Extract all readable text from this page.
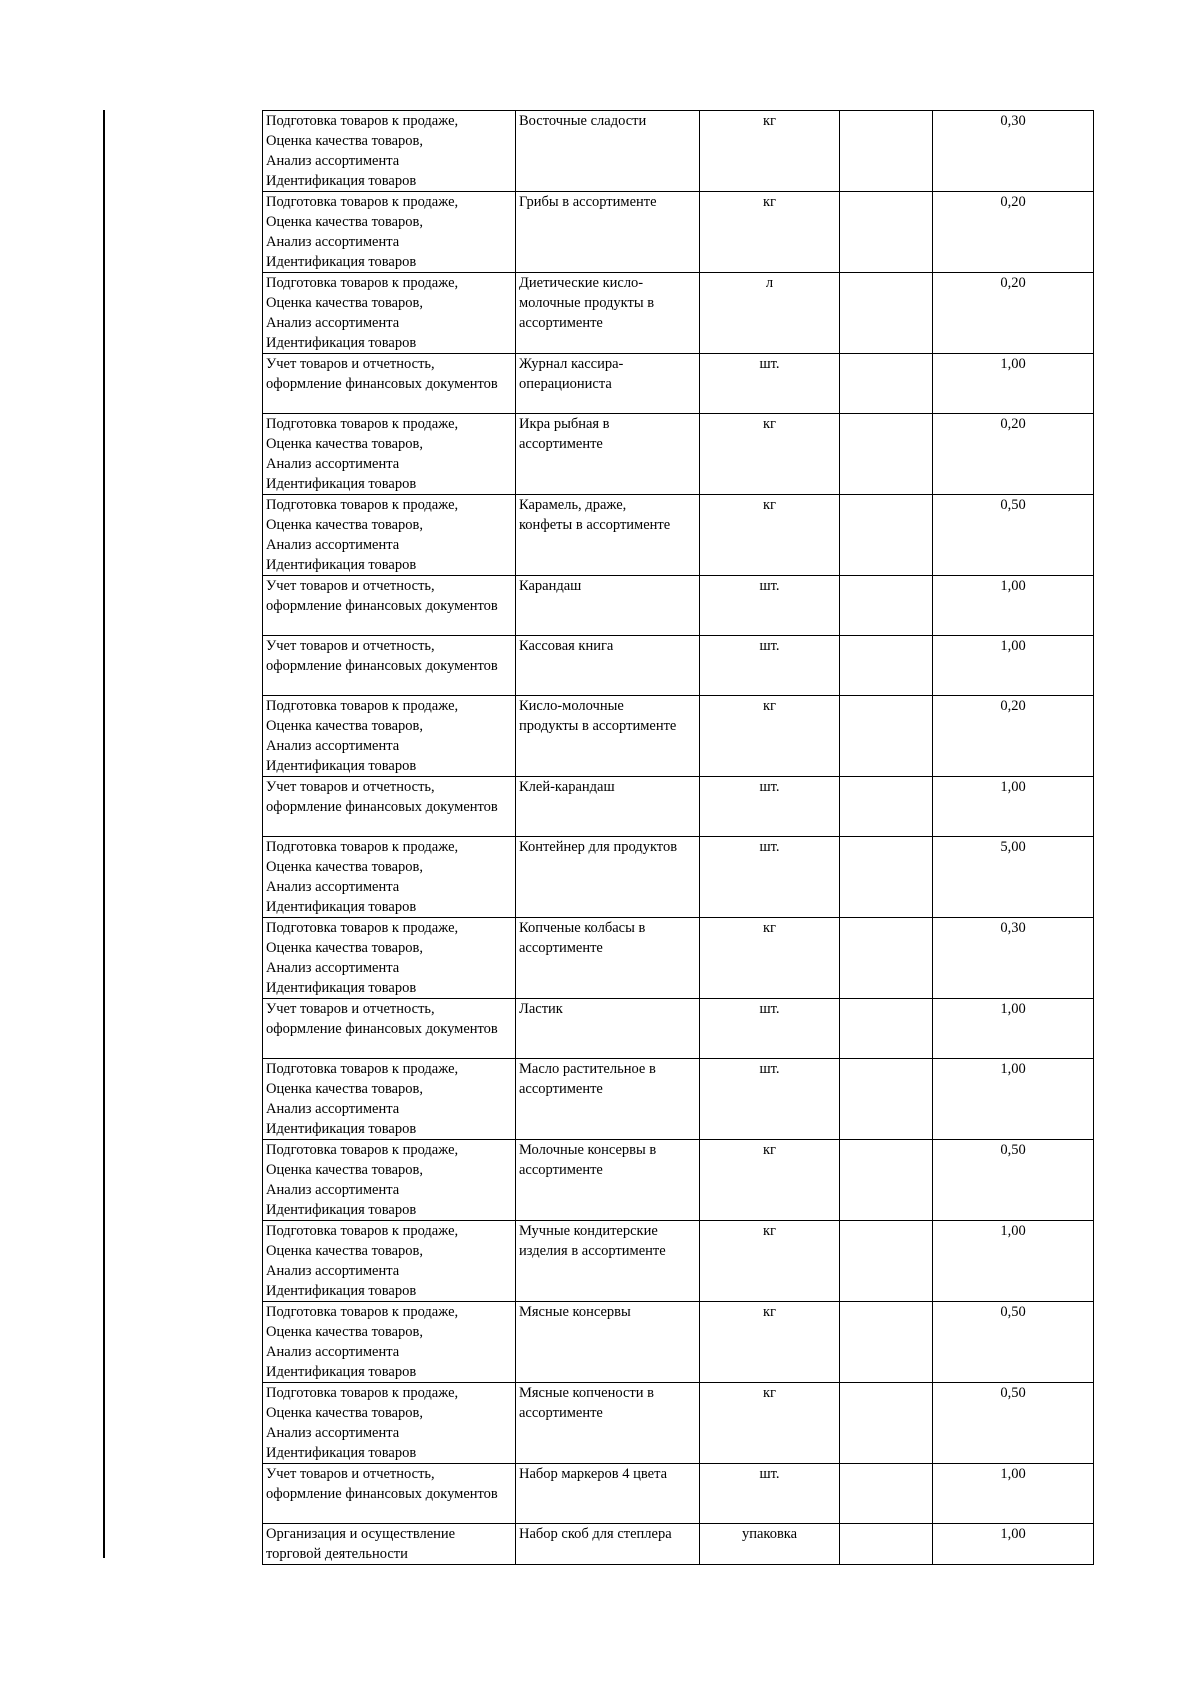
Подготовка товаров к продаже,
Оценка качества товаров,
Анализ ассортимента
Идентификация товаров	Восточные сладости	кг		0,30
Подготовка товаров к продаже,
Оценка качества товаров,
Анализ ассортимента
Идентификация товаров	Грибы в ассортименте	кг		0,20
Подготовка товаров к продаже,
Оценка качества товаров,
Анализ ассортимента
Идентификация товаров	Диетические кисло-
молочные продукты в
ассортименте	л		0,20
Учет товаров и отчетность,
оформление финансовых документов	Журнал кассира-
операциониста	шт.		1,00
Подготовка товаров к продаже,
Оценка качества товаров,
Анализ ассортимента
Идентификация товаров	Икра рыбная в
ассортименте	кг		0,20
Подготовка товаров к продаже,
Оценка качества товаров,
Анализ ассортимента
Идентификация товаров	Карамель, драже,
конфеты в ассортименте	кг		0,50
Учет товаров и отчетность,
оформление финансовых документов	Карандаш	шт.		1,00
Учет товаров и отчетность,
оформление финансовых документов	Кассовая книга	шт.		1,00
Подготовка товаров к продаже,
Оценка качества товаров,
Анализ ассортимента
Идентификация товаров	Кисло-молочные
продукты в ассортименте	кг		0,20
Учет товаров и отчетность,
оформление финансовых документов	Клей-карандаш	шт.		1,00
Подготовка товаров к продаже,
Оценка качества товаров,
Анализ ассортимента
Идентификация товаров	Контейнер для продуктов	шт.		5,00
Подготовка товаров к продаже,
Оценка качества товаров,
Анализ ассортимента
Идентификация товаров	Копченые колбасы в
ассортименте	кг		0,30
Учет товаров и отчетность,
оформление финансовых документов	Ластик	шт.		1,00
Подготовка товаров к продаже,
Оценка качества товаров,
Анализ ассортимента
Идентификация товаров	Масло растительное в
ассортименте	шт.		1,00
Подготовка товаров к продаже,
Оценка качества товаров,
Анализ ассортимента
Идентификация товаров	Молочные консервы в
ассортименте	кг		0,50
Подготовка товаров к продаже,
Оценка качества товаров,
Анализ ассортимента
Идентификация товаров	Мучные кондитерские
изделия в ассортименте	кг		1,00
Подготовка товаров к продаже,
Оценка качества товаров,
Анализ ассортимента
Идентификация товаров	Мясные консервы	кг		0,50
Подготовка товаров к продаже,
Оценка качества товаров,
Анализ ассортимента
Идентификация товаров	Мясные копчености в
ассортименте	кг		0,50
Учет товаров и отчетность,
оформление финансовых документов	Набор маркеров 4 цвета	шт.		1,00
Организация и осуществление
торговой деятельности	Набор скоб для степлера	упаковка		1,00
